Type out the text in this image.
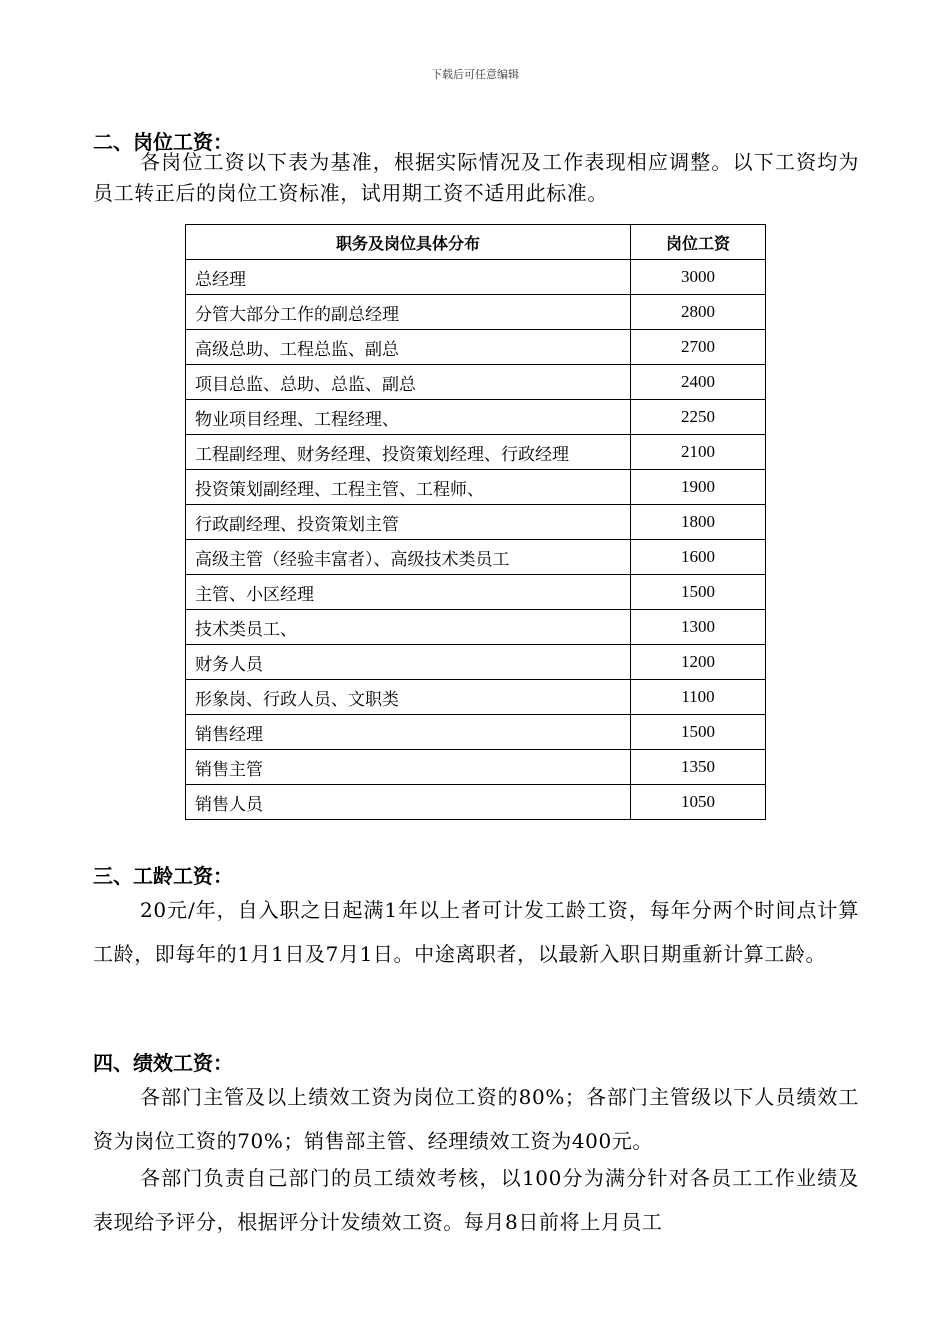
下载后可任意编辑
二、岗位工资：
各岗位工资以下表为基准，根据实际情况及工作表现相应调整。以下工资均为员工转正后的岗位工资标准，试用期工资不适用此标准。
职务及岗位具体分布	岗位工资
总经理	3000
分管大部分工作的副总经理	2800
高级总助、工程总监、副总	2700
项目总监、总助、总监、副总	2400
物业项目经理、工程经理、	2250
工程副经理、财务经理、投资策划经理、行政经理	2100
投资策划副经理、工程主管、工程师、	1900
行政副经理、投资策划主管	1800
高级主管（经验丰富者）、高级技术类员工	1600
主管、小区经理	1500
技术类员工、	1300
财务人员	1200
形象岗、行政人员、文职类	1100
销售经理	1500
销售主管	1350
销售人员	1050
三、工龄工资：
20元/年，自入职之日起满1年以上者可计发工龄工资，每年分两个时间点计算工龄，即每年的1月1日及7月1日。中途离职者，以最新入职日期重新计算工龄。
四、绩效工资：
各部门主管及以上绩效工资为岗位工资的80%；各部门主管级以下人员绩效工资为岗位工资的70%；销售部主管、经理绩效工资为400元。
各部门负责自己部门的员工绩效考核，以100分为满分针对各员工工作业绩及表现给予评分，根据评分计发绩效工资。每月8日前将上月员工
